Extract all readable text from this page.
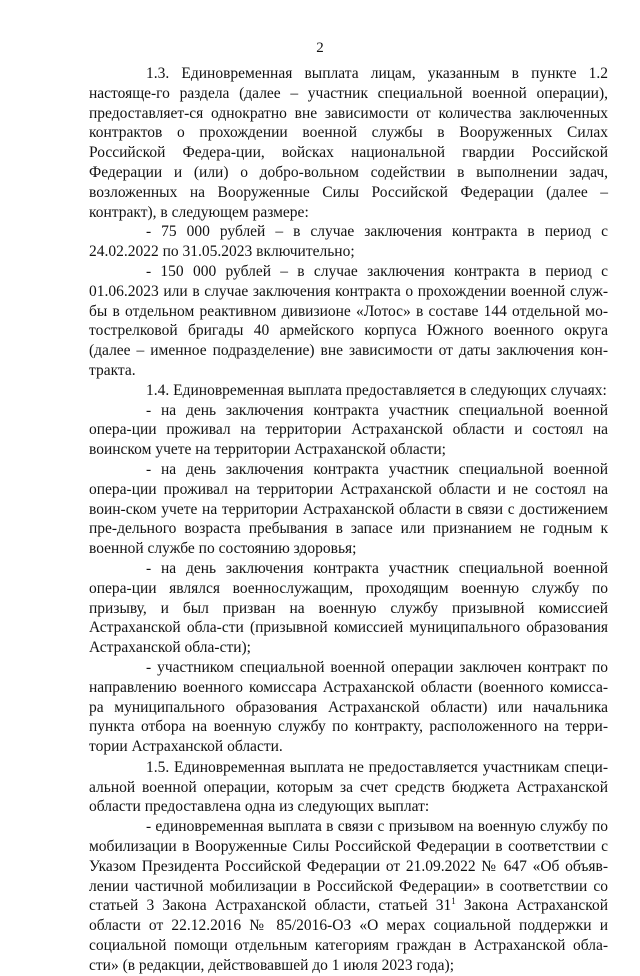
2

1.3. Единовременная выплата лицам, указанным в пункте 1.2 настояще-го раздела (далее – участник специальной военной операции), предоставляет-ся однократно вне зависимости от количества заключенных контрактов о прохождении военной службы в Вооруженных Силах Российской Федера-ции, войсках национальной гвардии Российской Федерации и (или) о добро-вольном содействии в выполнении задач, возложенных на Вооруженные Силы Российской Федерации (далее – контракт), в следующем размере:

- 75 000 рублей – в случае заключения контракта в период с 24.02.2022 по 31.05.2023 включительно;

- 150 000 рублей – в случае заключения контракта в период с 01.06.2023 или в случае заключения контракта о прохождении военной служ-бы в отдельном реактивном дивизионе «Лотос» в составе 144 отдельной мо-тострелковой бригады 40 армейского корпуса Южного военного округа (далее – именное подразделение) вне зависимости от даты заключения кон-тракта.

1.4. Единовременная выплата предоставляется в следующих случаях:

- на день заключения контракта участник специальной военной опера-ции проживал на территории Астраханской области и состоял на воинском учете на территории Астраханской области;

- на день заключения контракта участник специальной военной опера-ции проживал на территории Астраханской области и не состоял на воин-ском учете на территории Астраханской области в связи с достижением пре-дельного возраста пребывания в запасе или признанием не годным к военной службе по состоянию здоровья;

- на день заключения контракта участник специальной военной опера-ции являлся военнослужащим, проходящим военную службу по призыву, и был призван на военную службу призывной комиссией Астраханской обла-сти (призывной комиссией муниципального образования Астраханской обла-сти);

- участником специальной военной операции заключен контракт по направлению военного комиссара Астраханской области (военного комисса-ра муниципального образования Астраханской области) или начальника пункта отбора на военную службу по контракту, расположенного на терри-тории Астраханской области.

1.5. Единовременная выплата не предоставляется участникам специ-альной военной операции, которым за счет средств бюджета Астраханской области предоставлена одна из следующих выплат:

- единовременная выплата в связи с призывом на военную службу по мобилизации в Вооруженные Силы Российской Федерации в соответствии с Указом Президента Российской Федерации от 21.09.2022 № 647 «Об объяв-лении частичной мобилизации в Российской Федерации» в соответствии со статьей 3 Закона Астраханской области, статьей $31^1$ Закона Астраханской области от 22.12.2016 № 85/2016-ОЗ «О мерах социальной поддержки и социальной помощи отдельным категориям граждан в Астраханской обла-сти» (в редакции, действовавшей до 1 июля 2023 года);
